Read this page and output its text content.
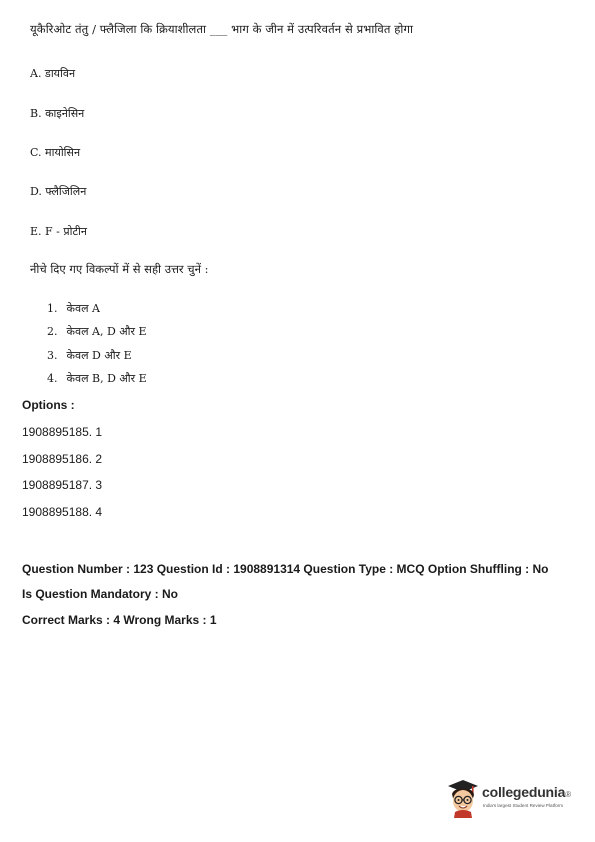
यूकैरिओट तंतु / फ्लैजिला कि क्रियाशीलता ___ भाग के जीन में उत्परिवर्तन से प्रभावित होगा
A. डायविन
B. काइनेसिन
C. मायोसिन
D. फ्लैजिलिन
E. F - प्रोटीन
नीचे दिए गए विकल्पों में से सही उत्तर चुनें :
1. केवल A
2. केवल A, D और E
3. केवल D और E
4. केवल B, D और E
Options :
1908895185. 1
1908895186. 2
1908895187. 3
1908895188. 4
Question Number : 123 Question Id : 1908891314 Question Type : MCQ Option Shuffling : No
Is Question Mandatory : No
Correct Marks : 4 Wrong Marks : 1
collegedunia®
India's largest Student Review Platform
